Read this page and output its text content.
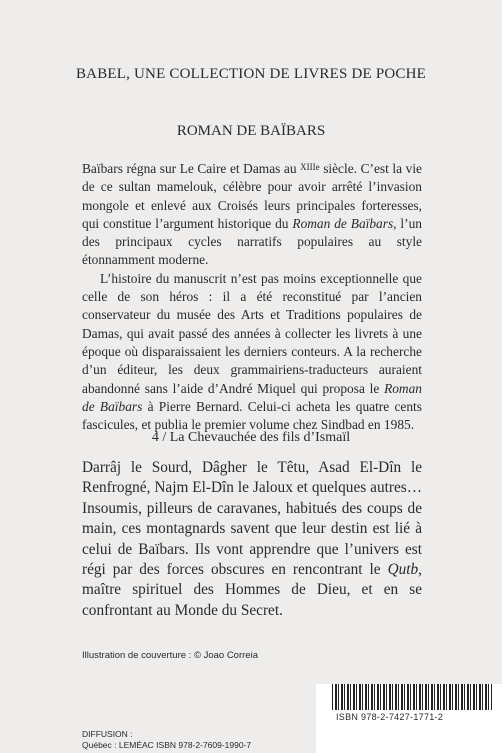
BABEL, UNE COLLECTION DE LIVRES DE POCHE
ROMAN DE BAÏBARS

Baïbars régna sur Le Caire et Damas au $^{XIIIe}$ siècle. C’est la vie de ce sultan mamelouk, célèbre pour avoir arrêté l’invasion mongole et enlevé aux Croisés leurs principales forteresses, qui constitue l’argument historique du Roman de Baïbars, l’un des principaux cycles narratifs populaires au style étonnamment moderne.

L’histoire du manuscrit n’est pas moins exceptionnelle que celle de son héros : il a été reconstitué par l’ancien conservateur du musée des Arts et Traditions populaires de Damas, qui avait passé des années à collecter les livrets à une époque où disparaissaient les derniers conteurs. A la recherche d’un éditeur, les deux grammairiens-traducteurs auraient abandonné sans l’aide d’André Miquel qui proposa le Roman de Baïbars à Pierre Bernard. Celui-ci acheta les quatre cents fascicules, et publia le premier volume chez Sindbad en 1985.

4 / La Chevauchée des fils d’Ismaïl

Darrâj le Sourd, Dâgher le Têtu, Asad El-Dîn le Renfrogné, Najm El-Dîn le Jaloux et quelques autres… Insoumis, pilleurs de caravanes, habitués des coups de main, ces montagnards savent que leur destin est lié à celui de Baïbars. Ils vont apprendre que l’univers est régi par des forces obscures en rencontrant le Qutb, maître spirituel des Hommes de Dieu, et en se confrontant au Monde du Secret.

Illustration de couverture : © Joao Correia
ISBN 978-2-7427-1771-2
DIFFUSION :
Québec : LEMÉAC ISBN 978-2-7609-1990-7
